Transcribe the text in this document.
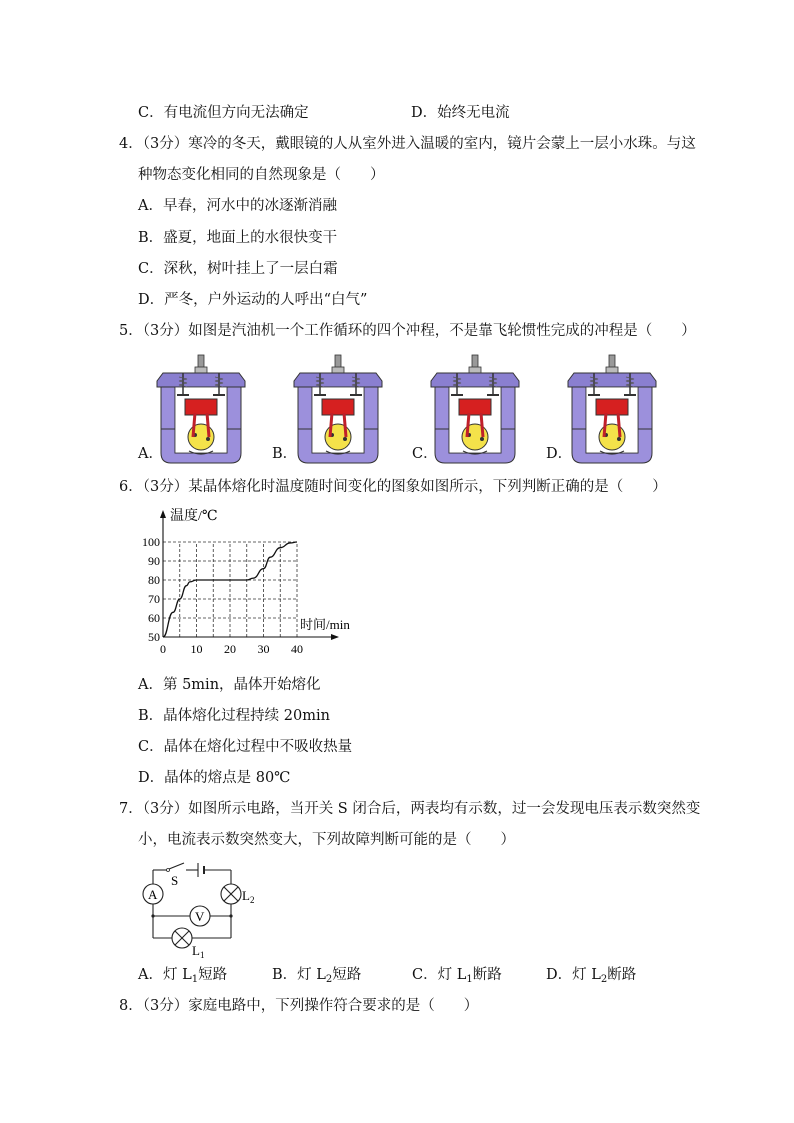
C．有电流但方向无法确定	D．始终无电流
4．（3分）寒冷的冬天，戴眼镜的人从室外进入温暖的室内，镜片会蒙上一层小水珠。与这
种物态变化相同的自然现象是（　　）
A．早春，河水中的冰逐渐消融
B．盛夏，地面上的水很快变干
C．深秋，树叶挂上了一层白霜
D．严冬，户外运动的人呼出“白气”
5．（3分）如图是汽油机一个工作循环的四个冲程，不是靠飞轮惯性完成的冲程是（　　）
A．	B．	C．	D．
6．（3分）某晶体熔化时温度随时间变化的图象如图所示，下列判断正确的是（　　）
0 10 20 30 40
50
60
70
80
90
100
温度/℃
时间/min
A．第 5min，晶体开始熔化
B．晶体熔化过程持续 20min
C．晶体在熔化过程中不吸收热量
D．晶体的熔点是 80℃
7．（3分）如图所示电路，当开关 S 闭合后，两表均有示数，过一会发现电压表示数突然变
小，电流表示数突然变大，下列故障判断可能的是（　　）
A
V
S
$L_2$
$L_1$
A．灯 $L_1$短路	B．灯 $L_2$短路	C．灯 $L_1$断路	D．灯 $L_2$断路
8．（3分）家庭电路中，下列操作符合要求的是（　　）
